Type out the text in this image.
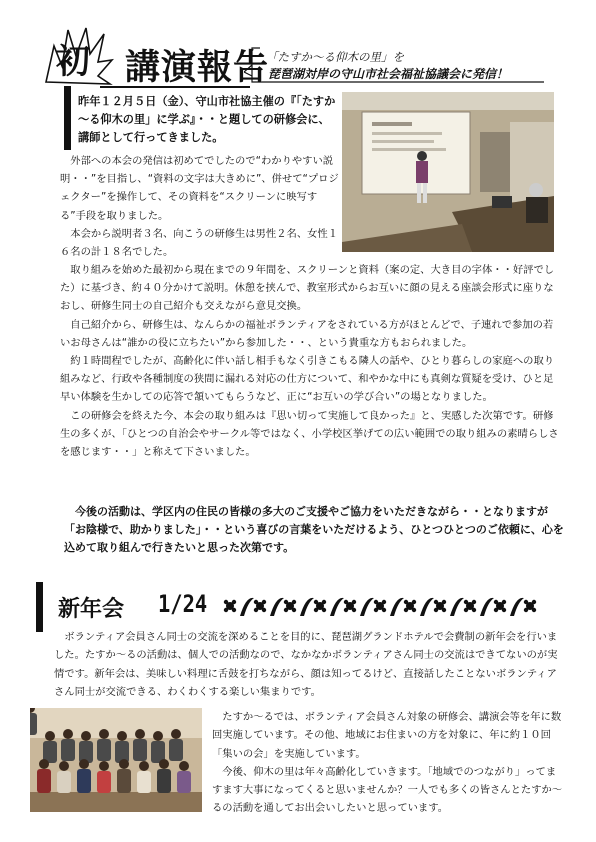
初 講演報告
「たすか～る仰木の里」を
琵琶湖対岸の守山市社会福祉協議会に発信！
昨年１２月５日（金）、守山市社協主催の『「たすか～る仰木の里」に学ぶ』・・と題しての研修会に、講師として行ってきました。

外部への本会の発信は初めてでしたので“わかりやすい説明・・”を目指し、“資料の文字は大きめに”、併せて“プロジェクター”を操作して、その資料を“スクリーンに映写する”手段を取りました。

本会から説明者３名、向こうの研修生は男性２名、女性１６名の計１８名でした。

取り組みを始めた最初から現在までの９年間を、スクリーンと資料（案の定、大き目の字体・・好評でした）に基づき、約４０分かけて説明。休憩を挟んで、教室形式からお互いに顔の見える座談会形式に座りなおし、研修生同士の自己紹介も交えながら意見交換。

自己紹介から、研修生は、なんらかの福祉ボランティアをされている方がほとんどで、子連れで参加の若いお母さんは“誰かの役に立ちたい”から参加した・・、という貴重な方もおられました。

約１時間程でしたが、高齢化に伴い話し相手もなく引きこもる隣人の話や、ひとり暮らしの家庭への取り組みなど、行政や各種制度の狭間に漏れる対応の仕方について、和やかな中にも真剣な質疑を受け、ひと足早い体験を生かしての応答で頷いてもらうなど、正に“お互いの学び合い”の場となりました。

この研修会を終えた今、本会の取り組みは『思い切って実施して良かった』と、実感した次第です。研修生の多くが、「ひとつの自治会やサークル等ではなく、小学校区挙げての広い範囲での取り組みの素晴らしさを感じます・・」と称えて下さいました。

今後の活動は、学区内の住民の皆様の多大のご支援やご協力をいただきながら・・となりますが「お陰様で、助かりました」・・という喜びの言葉をいただけるよう、ひとつひとつのご依頼に、心を込めて取り組んで行きたいと思った次第です。
新年会 1/24
ボランティア会員さん同士の交流を深めることを目的に、琵琶湖グランドホテルで会費制の新年会を行いました。たすか～るの活動は、個人での活動なので、なかなかボランティアさん同士の交流はできてないのが実情です。新年会は、美味しい料理に舌鼓を打ちながら、顔は知ってるけど、直接話したことないボランティアさん同士が交流できる、わくわくする楽しい集まりです。

たすか～るでは、ボランティア会員さん対象の研修会、講演会等を年に数回実施しています。その他、地域にお住まいの方を対象に、年に約１０回「集いの会」を実施しています。

今後、仰木の里は年々高齢化していきます。「地域でのつながり」ってますます大事になってくると思いませんか？一人でも多くの皆さんとたすか～るの活動を通してお出会いしたいと思っています。
